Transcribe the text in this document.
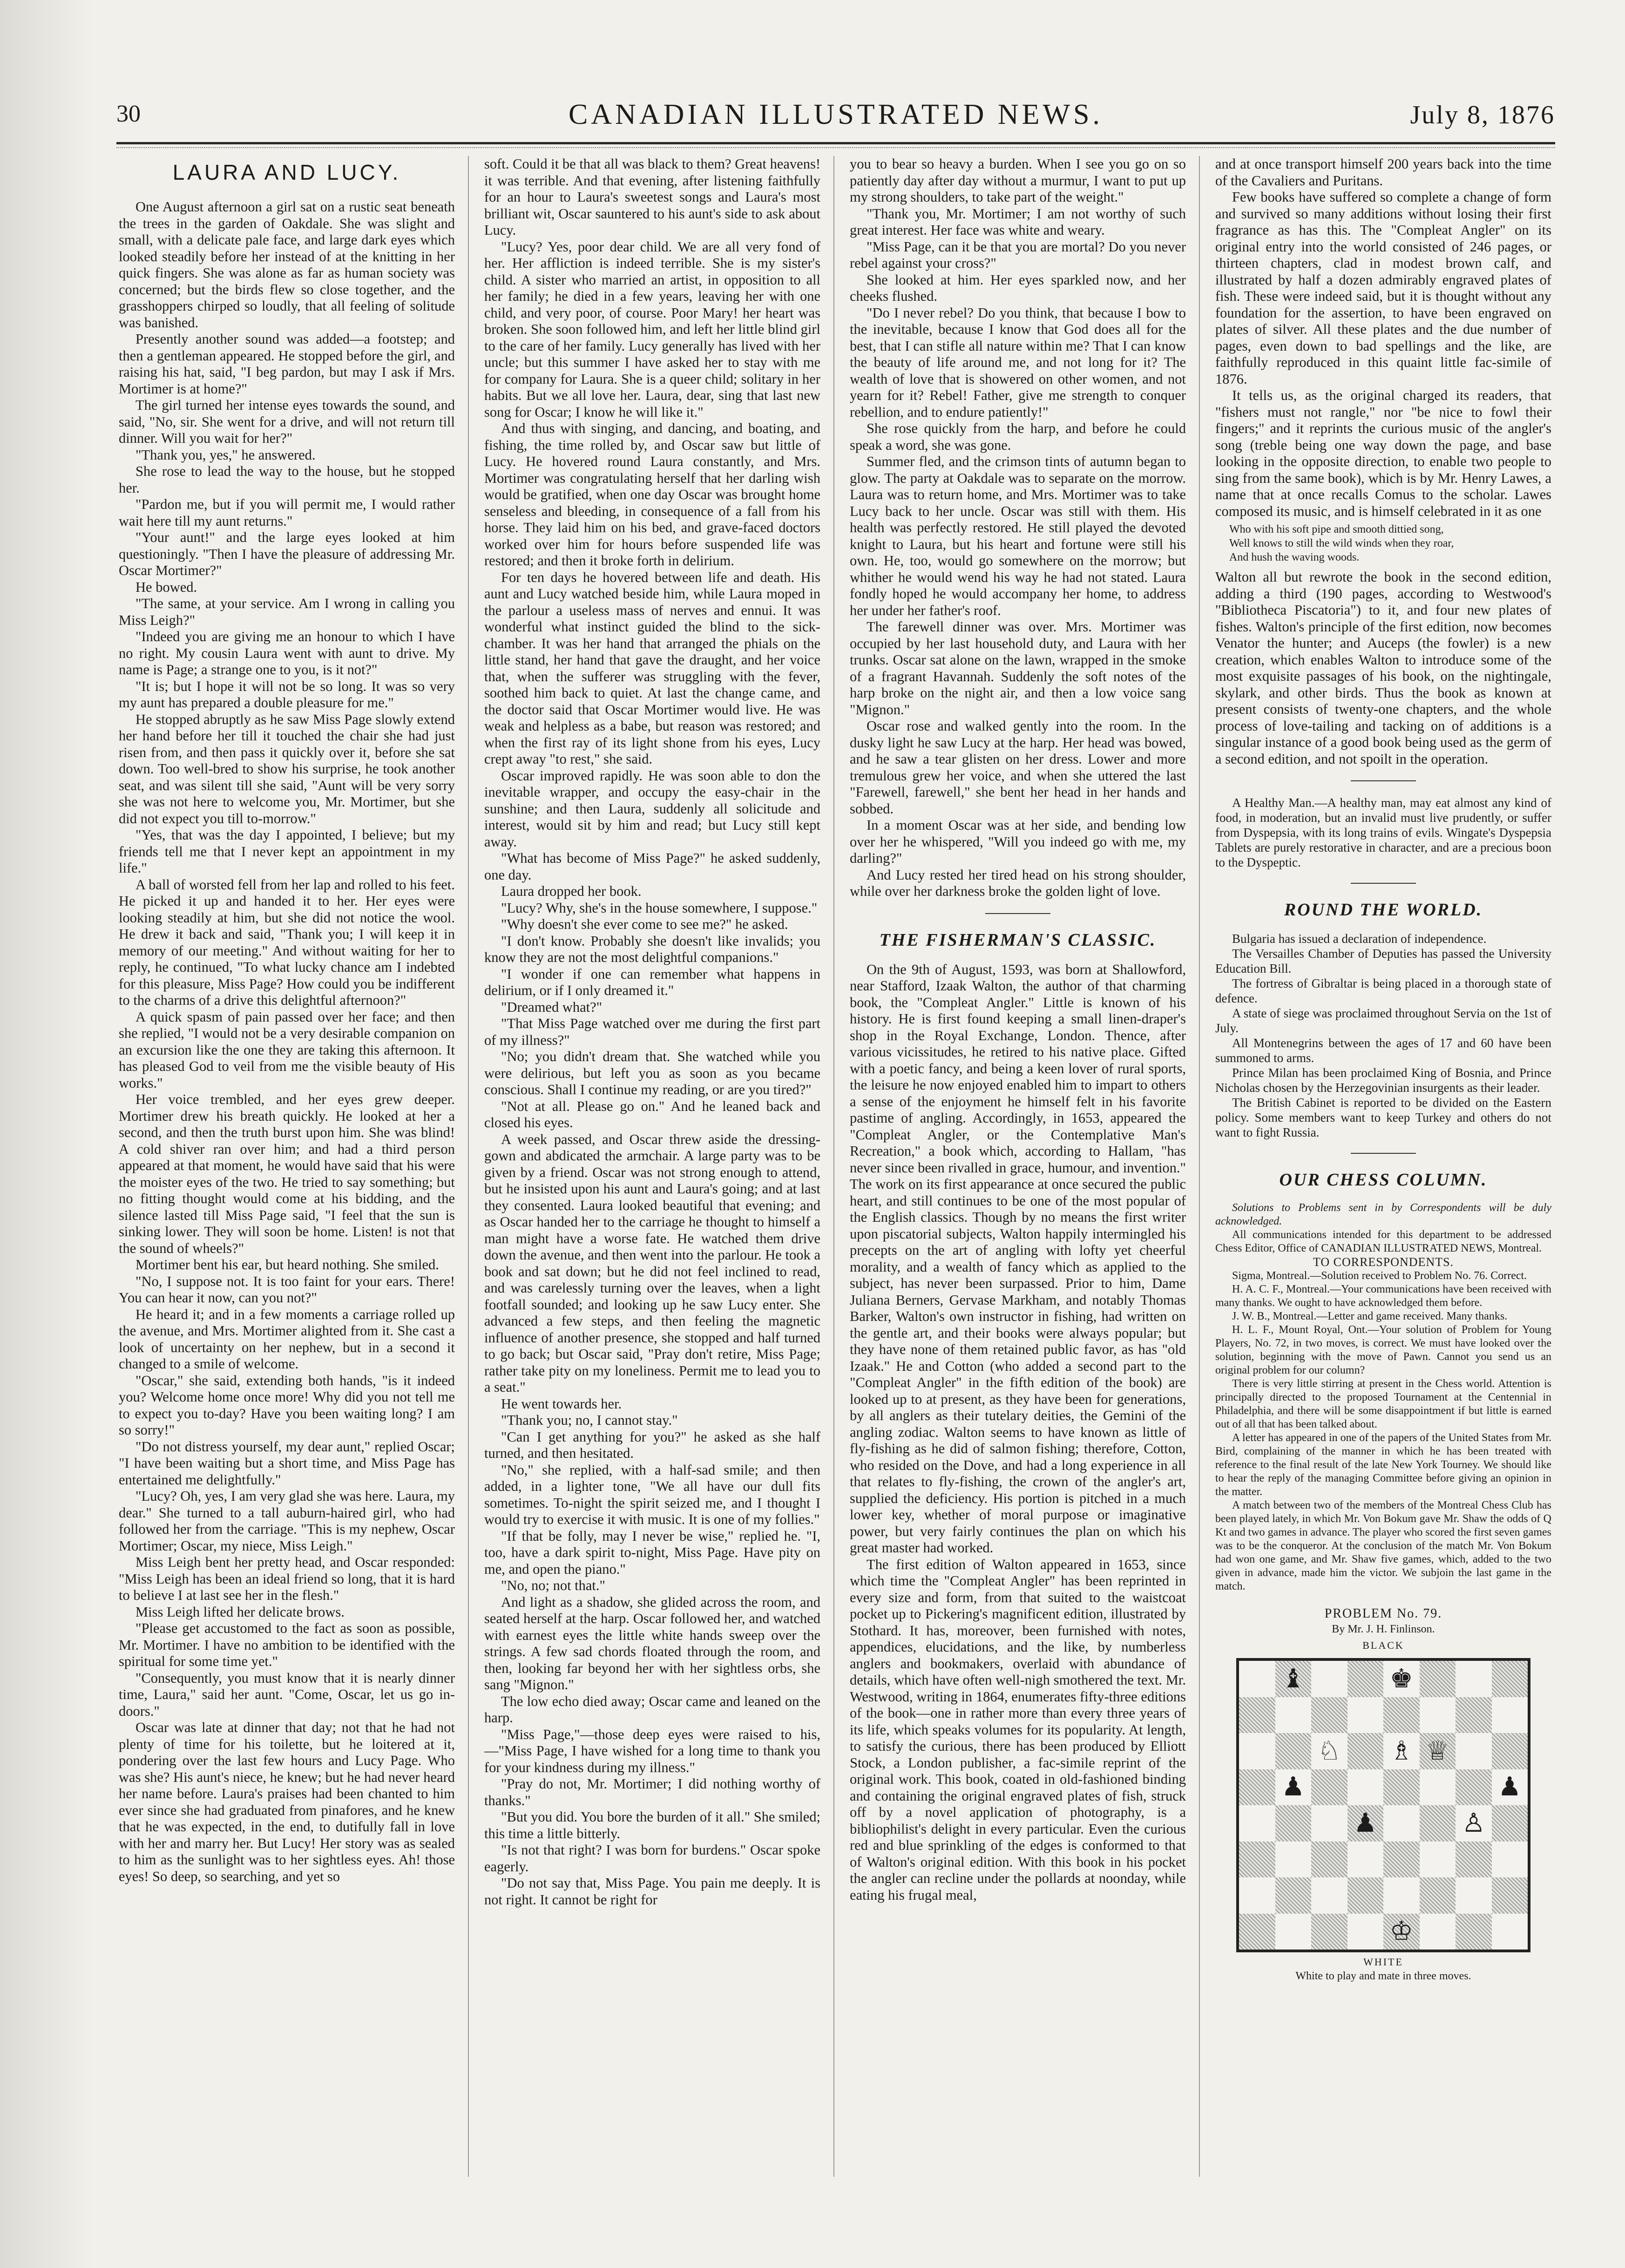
30	CANADIAN ILLUSTRATED NEWS.	July 8, 1876
LAURA AND LUCY.

One August afternoon a girl sat on a rustic seat beneath the trees in the garden of Oakdale. She was slight and small, with a delicate pale face, and large dark eyes which looked steadily before her instead of at the knitting in her quick fingers. She was alone as far as human society was concerned; but the birds flew so close together, and the grasshoppers chirped so loudly, that all feeling of solitude was banished.

Presently another sound was added—a footstep; and then a gentleman appeared. He stopped before the girl, and raising his hat, said, "I beg pardon, but may I ask if Mrs. Mortimer is at home?"

The girl turned her intense eyes towards the sound, and said, "No, sir. She went for a drive, and will not return till dinner. Will you wait for her?"

"Thank you, yes," he answered.

She rose to lead the way to the house, but he stopped her.

"Pardon me, but if you will permit me, I would rather wait here till my aunt returns."

"Your aunt!" and the large eyes looked at him questioningly. "Then I have the pleasure of addressing Mr. Oscar Mortimer?"

He bowed.

"The same, at your service. Am I wrong in calling you Miss Leigh?"

"Indeed you are giving me an honour to which I have no right. My cousin Laura went with aunt to drive. My name is Page; a strange one to you, is it not?"

"It is; but I hope it will not be so long. It was so very my aunt has prepared a double pleasure for me."

He stopped abruptly as he saw Miss Page slowly extend her hand before her till it touched the chair she had just risen from, and then pass it quickly over it, before she sat down. Too well-bred to show his surprise, he took another seat, and was silent till she said, "Aunt will be very sorry she was not here to welcome you, Mr. Mortimer, but she did not expect you till to-morrow."

"Yes, that was the day I appointed, I believe; but my friends tell me that I never kept an appointment in my life."

A ball of worsted fell from her lap and rolled to his feet. He picked it up and handed it to her. Her eyes were looking steadily at him, but she did not notice the wool. He drew it back and said, "Thank you; I will keep it in memory of our meeting." And without waiting for her to reply, he continued, "To what lucky chance am I indebted for this pleasure, Miss Page? How could you be indifferent to the charms of a drive this delightful afternoon?"

A quick spasm of pain passed over her face; and then she replied, "I would not be a very desirable companion on an excursion like the one they are taking this afternoon. It has pleased God to veil from me the visible beauty of His works."

Her voice trembled, and her eyes grew deeper. Mortimer drew his breath quickly. He looked at her a second, and then the truth burst upon him. She was blind! A cold shiver ran over him; and had a third person appeared at that moment, he would have said that his were the moister eyes of the two. He tried to say something; but no fitting thought would come at his bidding, and the silence lasted till Miss Page said, "I feel that the sun is sinking lower. They will soon be home. Listen! is not that the sound of wheels?"

Mortimer bent his ear, but heard nothing. She smiled.

"No, I suppose not. It is too faint for your ears. There! You can hear it now, can you not?"

He heard it; and in a few moments a carriage rolled up the avenue, and Mrs. Mortimer alighted from it. She cast a look of uncertainty on her nephew, but in a second it changed to a smile of welcome.

"Oscar," she said, extending both hands, "is it indeed you? Welcome home once more! Why did you not tell me to expect you to-day? Have you been waiting long? I am so sorry!"

"Do not distress yourself, my dear aunt," replied Oscar; "I have been waiting but a short time, and Miss Page has entertained me delightfully."

"Lucy? Oh, yes, I am very glad she was here. Laura, my dear." She turned to a tall auburn-haired girl, who had followed her from the carriage. "This is my nephew, Oscar Mortimer; Oscar, my niece, Miss Leigh."

Miss Leigh bent her pretty head, and Oscar responded: "Miss Leigh has been an ideal friend so long, that it is hard to believe I at last see her in the flesh."

Miss Leigh lifted her delicate brows.

"Please get accustomed to the fact as soon as possible, Mr. Mortimer. I have no ambition to be identified with the spiritual for some time yet."

"Consequently, you must know that it is nearly dinner time, Laura," said her aunt. "Come, Oscar, let us go in-doors."

Oscar was late at dinner that day; not that he had not plenty of time for his toilette, but he loitered at it, pondering over the last few hours and Lucy Page. Who was she? His aunt's niece, he knew; but he had never heard her name before. Laura's praises had been chanted to him ever since she had graduated from pinafores, and he knew that he was expected, in the end, to dutifully fall in love with her and marry her. But Lucy! Her story was as sealed to him as the sunlight was to her sightless eyes. Ah! those eyes! So deep, so searching, and yet so

soft. Could it be that all was black to them? Great heavens! it was terrible. And that evening, after listening faithfully for an hour to Laura's sweetest songs and Laura's most brilliant wit, Oscar sauntered to his aunt's side to ask about Lucy.

"Lucy? Yes, poor dear child. We are all very fond of her. Her affliction is indeed terrible. She is my sister's child. A sister who married an artist, in opposition to all her family; he died in a few years, leaving her with one child, and very poor, of course. Poor Mary! her heart was broken. She soon followed him, and left her little blind girl to the care of her family. Lucy generally has lived with her uncle; but this summer I have asked her to stay with me for company for Laura. She is a queer child; solitary in her habits. But we all love her. Laura, dear, sing that last new song for Oscar; I know he will like it."

And thus with singing, and dancing, and boating, and fishing, the time rolled by, and Oscar saw but little of Lucy. He hovered round Laura constantly, and Mrs. Mortimer was congratulating herself that her darling wish would be gratified, when one day Oscar was brought home senseless and bleeding, in consequence of a fall from his horse. They laid him on his bed, and grave-faced doctors worked over him for hours before suspended life was restored; and then it broke forth in delirium.

For ten days he hovered between life and death. His aunt and Lucy watched beside him, while Laura moped in the parlour a useless mass of nerves and ennui. It was wonderful what instinct guided the blind to the sick-chamber. It was her hand that arranged the phials on the little stand, her hand that gave the draught, and her voice that, when the sufferer was struggling with the fever, soothed him back to quiet. At last the change came, and the doctor said that Oscar Mortimer would live. He was weak and helpless as a babe, but reason was restored; and when the first ray of its light shone from his eyes, Lucy crept away "to rest," she said.

Oscar improved rapidly. He was soon able to don the inevitable wrapper, and occupy the easy-chair in the sunshine; and then Laura, suddenly all solicitude and interest, would sit by him and read; but Lucy still kept away.

"What has become of Miss Page?" he asked suddenly, one day.

Laura dropped her book.

"Lucy? Why, she's in the house somewhere, I suppose."

"Why doesn't she ever come to see me?" he asked.

"I don't know. Probably she doesn't like invalids; you know they are not the most delightful companions."

"I wonder if one can remember what happens in delirium, or if I only dreamed it."

"Dreamed what?"

"That Miss Page watched over me during the first part of my illness?"

"No; you didn't dream that. She watched while you were delirious, but left you as soon as you became conscious. Shall I continue my reading, or are you tired?"

"Not at all. Please go on." And he leaned back and closed his eyes.

A week passed, and Oscar threw aside the dressing-gown and abdicated the armchair. A large party was to be given by a friend. Oscar was not strong enough to attend, but he insisted upon his aunt and Laura's going; and at last they consented. Laura looked beautiful that evening; and as Oscar handed her to the carriage he thought to himself a man might have a worse fate. He watched them drive down the avenue, and then went into the parlour. He took a book and sat down; but he did not feel inclined to read, and was carelessly turning over the leaves, when a light footfall sounded; and looking up he saw Lucy enter. She advanced a few steps, and then feeling the magnetic influence of another presence, she stopped and half turned to go back; but Oscar said, "Pray don't retire, Miss Page; rather take pity on my loneliness. Permit me to lead you to a seat."

He went towards her.

"Thank you; no, I cannot stay."

"Can I get anything for you?" he asked as she half turned, and then hesitated.

"No," she replied, with a half-sad smile; and then added, in a lighter tone, "We all have our dull fits sometimes. To-night the spirit seized me, and I thought I would try to exercise it with music. It is one of my follies."

"If that be folly, may I never be wise," replied he. "I, too, have a dark spirit to-night, Miss Page. Have pity on me, and open the piano."

"No, no; not that."

And light as a shadow, she glided across the room, and seated herself at the harp. Oscar followed her, and watched with earnest eyes the little white hands sweep over the strings. A few sad chords floated through the room, and then, looking far beyond her with her sightless orbs, she sang "Mignon."

The low echo died away; Oscar came and leaned on the harp.

"Miss Page,"—those deep eyes were raised to his,—"Miss Page, I have wished for a long time to thank you for your kindness during my illness."

"Pray do not, Mr. Mortimer; I did nothing worthy of thanks."

"But you did. You bore the burden of it all." She smiled; this time a little bitterly.

"Is not that right? I was born for burdens." Oscar spoke eagerly.

"Do not say that, Miss Page. You pain me deeply. It is not right. It cannot be right for

you to bear so heavy a burden. When I see you go on so patiently day after day without a murmur, I want to put up my strong shoulders, to take part of the weight."

"Thank you, Mr. Mortimer; I am not worthy of such great interest. Her face was white and weary.

"Miss Page, can it be that you are mortal? Do you never rebel against your cross?"

She looked at him. Her eyes sparkled now, and her cheeks flushed.

"Do I never rebel? Do you think, that because I bow to the inevitable, because I know that God does all for the best, that I can stifle all nature within me? That I can know the beauty of life around me, and not long for it? The wealth of love that is showered on other women, and not yearn for it? Rebel! Father, give me strength to conquer rebellion, and to endure patiently!"

She rose quickly from the harp, and before he could speak a word, she was gone.

Summer fled, and the crimson tints of autumn began to glow. The party at Oakdale was to separate on the morrow. Laura was to return home, and Mrs. Mortimer was to take Lucy back to her uncle. Oscar was still with them. His health was perfectly restored. He still played the devoted knight to Laura, but his heart and fortune were still his own. He, too, would go somewhere on the morrow; but whither he would wend his way he had not stated. Laura fondly hoped he would accompany her home, to address her under her father's roof.

The farewell dinner was over. Mrs. Mortimer was occupied by her last household duty, and Laura with her trunks. Oscar sat alone on the lawn, wrapped in the smoke of a fragrant Havannah. Suddenly the soft notes of the harp broke on the night air, and then a low voice sang "Mignon."

Oscar rose and walked gently into the room. In the dusky light he saw Lucy at the harp. Her head was bowed, and he saw a tear glisten on her dress. Lower and more tremulous grew her voice, and when she uttered the last "Farewell, farewell," she bent her head in her hands and sobbed.

In a moment Oscar was at her side, and bending low over her he whispered, "Will you indeed go with me, my darling?"

And Lucy rested her tired head on his strong shoulder, while over her darkness broke the golden light of love.

THE FISHERMAN'S CLASSIC.

On the 9th of August, 1593, was born at Shallowford, near Stafford, Izaak Walton, the author of that charming book, the "Compleat Angler." Little is known of his history. He is first found keeping a small linen-draper's shop in the Royal Exchange, London. Thence, after various vicissitudes, he retired to his native place. Gifted with a poetic fancy, and being a keen lover of rural sports, the leisure he now enjoyed enabled him to impart to others a sense of the enjoyment he himself felt in his favorite pastime of angling. Accordingly, in 1653, appeared the "Compleat Angler, or the Contemplative Man's Recreation," a book which, according to Hallam, "has never since been rivalled in grace, humour, and invention." The work on its first appearance at once secured the public heart, and still continues to be one of the most popular of the English classics. Though by no means the first writer upon piscatorial subjects, Walton happily intermingled his precepts on the art of angling with lofty yet cheerful morality, and a wealth of fancy which as applied to the subject, has never been surpassed. Prior to him, Dame Juliana Berners, Gervase Markham, and notably Thomas Barker, Walton's own instructor in fishing, had written on the gentle art, and their books were always popular; but they have none of them retained public favor, as has "old Izaak." He and Cotton (who added a second part to the "Compleat Angler" in the fifth edition of the book) are looked up to at present, as they have been for generations, by all anglers as their tutelary deities, the Gemini of the angling zodiac. Walton seems to have known as little of fly-fishing as he did of salmon fishing; therefore, Cotton, who resided on the Dove, and had a long experience in all that relates to fly-fishing, the crown of the angler's art, supplied the deficiency. His portion is pitched in a much lower key, whether of moral purpose or imaginative power, but very fairly continues the plan on which his great master had worked.

The first edition of Walton appeared in 1653, since which time the "Compleat Angler" has been reprinted in every size and form, from that suited to the waistcoat pocket up to Pickering's magnificent edition, illustrated by Stothard. It has, moreover, been furnished with notes, appendices, elucidations, and the like, by numberless anglers and bookmakers, overlaid with abundance of details, which have often well-nigh smothered the text. Mr. Westwood, writing in 1864, enumerates fifty-three editions of the book—one in rather more than every three years of its life, which speaks volumes for its popularity. At length, to satisfy the curious, there has been produced by Elliott Stock, a London publisher, a fac-simile reprint of the original work. This book, coated in old-fashioned binding and containing the original engraved plates of fish, struck off by a novel application of photography, is a bibliophilist's delight in every particular. Even the curious red and blue sprinkling of the edges is conformed to that of Walton's original edition. With this book in his pocket the angler can recline under the pollards at noonday, while eating his frugal meal,

and at once transport himself 200 years back into the time of the Cavaliers and Puritans.

Few books have suffered so complete a change of form and survived so many additions without losing their first fragrance as has this. The "Compleat Angler" on its original entry into the world consisted of 246 pages, or thirteen chapters, clad in modest brown calf, and illustrated by half a dozen admirably engraved plates of fish. These were indeed said, but it is thought without any foundation for the assertion, to have been engraved on plates of silver. All these plates and the due number of pages, even down to bad spellings and the like, are faithfully reproduced in this quaint little fac-simile of 1876.

It tells us, as the original charged its readers, that "fishers must not rangle," nor "be nice to fowl their fingers;" and it reprints the curious music of the angler's song (treble being one way down the page, and base looking in the opposite direction, to enable two people to sing from the same book), which is by Mr. Henry Lawes, a name that at once recalls Comus to the scholar. Lawes composed its music, and is himself celebrated in it as one

Who with his soft pipe and smooth dittied song,
Well knows to still the wild winds when they roar,
And hush the waving woods.

Walton all but rewrote the book in the second edition, adding a third (190 pages, according to Westwood's "Bibliotheca Piscatoria") to it, and four new plates of fishes. Walton's principle of the first edition, now becomes Venator the hunter; and Auceps (the fowler) is a new creation, which enables Walton to introduce some of the most exquisite passages of his book, on the nightingale, skylark, and other birds. Thus the book as known at present consists of twenty-one chapters, and the whole process of love-tailing and tacking on of additions is a singular instance of a good book being used as the germ of a second edition, and not spoilt in the operation.

A Healthy Man.—A healthy man, may eat almost any kind of food, in moderation, but an invalid must live prudently, or suffer from Dyspepsia, with its long trains of evils. Wingate's Dyspepsia Tablets are purely restorative in character, and are a precious boon to the Dyspeptic.

ROUND THE WORLD.

Bulgaria has issued a declaration of independence.

The Versailles Chamber of Deputies has passed the University Education Bill.

The fortress of Gibraltar is being placed in a thorough state of defence.

A state of siege was proclaimed throughout Servia on the 1st of July.

All Montenegrins between the ages of 17 and 60 have been summoned to arms.

Prince Milan has been proclaimed King of Bosnia, and Prince Nicholas chosen by the Herzegovinian insurgents as their leader.

The British Cabinet is reported to be divided on the Eastern policy. Some members want to keep Turkey and others do not want to fight Russia.

OUR CHESS COLUMN.

Solutions to Problems sent in by Correspondents will be duly acknowledged.

All communications intended for this department to be addressed Chess Editor, Office of CANADIAN ILLUSTRATED NEWS, Montreal.

TO CORRESPONDENTS.

Sigma, Montreal.—Solution received to Problem No. 76. Correct.

H. A. C. F., Montreal.—Your communications have been received with many thanks. We ought to have acknowledged them before.

J. W. B., Montreal.—Letter and game received. Many thanks.

H. L. F., Mount Royal, Ont.—Your solution of Problem for Young Players, No. 72, in two moves, is correct. We must have looked over the solution, beginning with the move of Pawn. Cannot you send us an original problem for our column?

There is very little stirring at present in the Chess world. Attention is principally directed to the proposed Tournament at the Centennial in Philadelphia, and there will be some disappointment if but little is earned out of all that has been talked about.

A letter has appeared in one of the papers of the United States from Mr. Bird, complaining of the manner in which he has been treated with reference to the final result of the late New York Tourney. We should like to hear the reply of the managing Committee before giving an opinion in the matter.

A match between two of the members of the Montreal Chess Club has been played lately, in which Mr. Von Bokum gave Mr. Shaw the odds of Q Kt and two games in advance. The player who scored the first seven games was to be the conqueror. At the conclusion of the match Mr. Von Bokum had won one game, and Mr. Shaw five games, which, added to the two given in advance, made him the victor. We subjoin the last game in the match.

PROBLEM No. 79.
By Mr. J. H. Finlinson.
BLACK
♝	♚
♘ ♗ ♕
♟	♟
♟	♙
♔
WHITE
White to play and mate in three moves.
